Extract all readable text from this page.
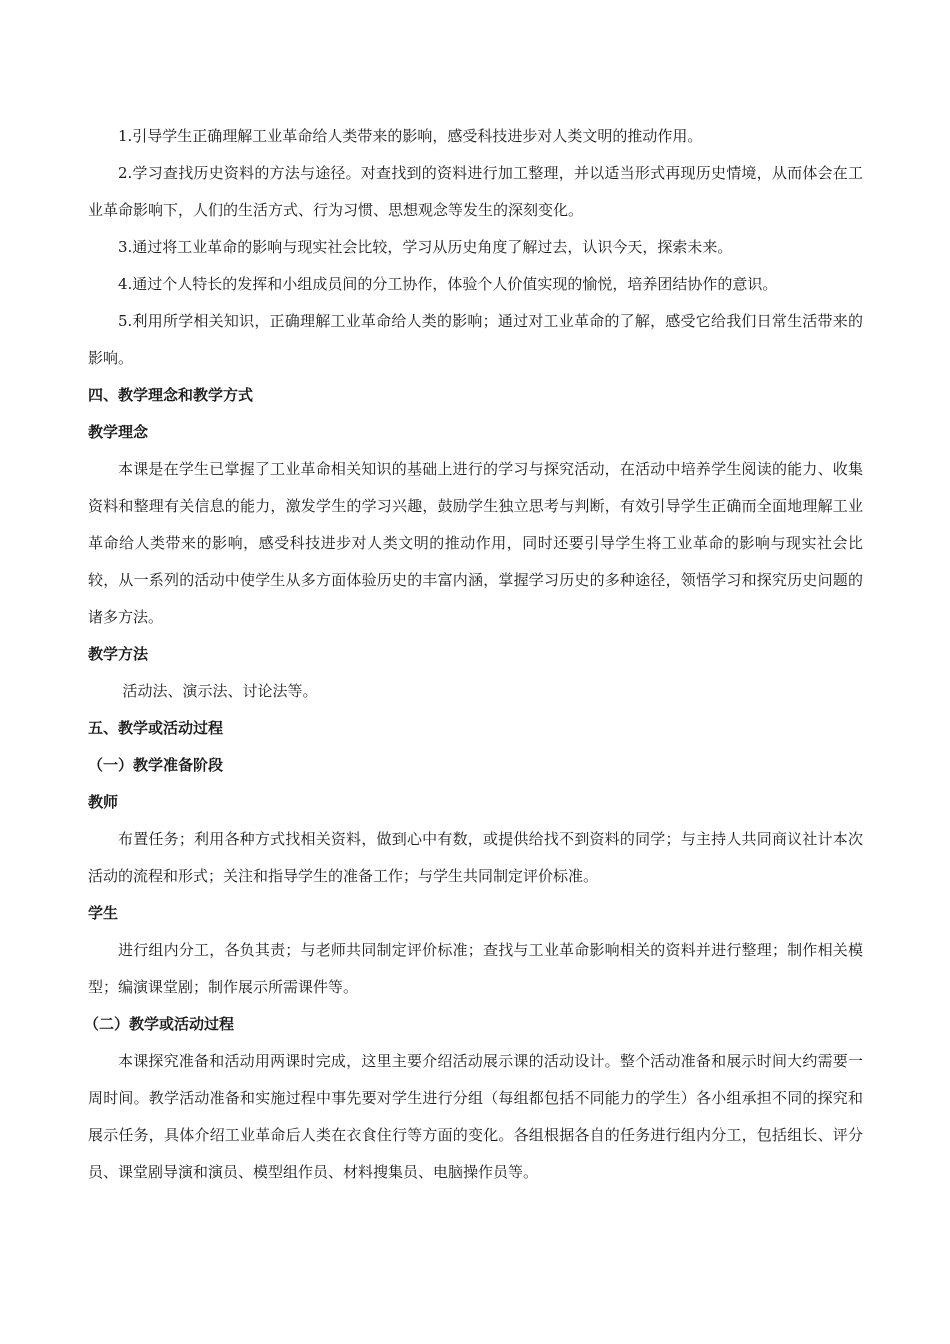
1.引导学生正确理解工业革命给人类带来的影响，感受科技进步对人类文明的推动作用。

2.学习查找历史资料的方法与途径。对查找到的资料进行加工整理，并以适当形式再现历史情境，从而体会在工业革命影响下，人们的生活方式、行为习惯、思想观念等发生的深刻变化。

3.通过将工业革命的影响与现实社会比较，学习从历史角度了解过去，认识今天，探索未来。

4.通过个人特长的发挥和小组成员间的分工协作，体验个人价值实现的愉悦，培养团结协作的意识。

5.利用所学相关知识，正确理解工业革命给人类的影响；通过对工业革命的了解，感受它给我们日常生活带来的影响。

四、教学理念和教学方式

教学理念

本课是在学生已掌握了工业革命相关知识的基础上进行的学习与探究活动，在活动中培养学生阅读的能力、收集资料和整理有关信息的能力，激发学生的学习兴趣，鼓励学生独立思考与判断，有效引导学生正确而全面地理解工业革命给人类带来的影响，感受科技进步对人类文明的推动作用，同时还要引导学生将工业革命的影响与现实社会比较，从一系列的活动中使学生从多方面体验历史的丰富内涵，掌握学习历史的多种途径，领悟学习和探究历史问题的诸多方法。

教学方法

活动法、演示法、讨论法等。

五、教学或活动过程

（一）教学准备阶段

教师

布置任务；利用各种方式找相关资料，做到心中有数，或提供给找不到资料的同学；与主持人共同商议社计本次活动的流程和形式；关注和指导学生的准备工作；与学生共同制定评价标准。

学生

进行组内分工，各负其责；与老师共同制定评价标准；查找与工业革命影响相关的资料并进行整理；制作相关模型；编演课堂剧；制作展示所需课件等。

（二）教学或活动过程

本课探究准备和活动用两课时完成，这里主要介绍活动展示课的活动设计。整个活动准备和展示时间大约需要一周时间。教学活动准备和实施过程中事先要对学生进行分组（每组都包括不同能力的学生）各小组承担不同的探究和展示任务，具体介绍工业革命后人类在衣食住行等方面的变化。各组根据各自的任务进行组内分工，包括组长、评分员、课堂剧导演和演员、模型组作员、材料搜集员、电脑操作员等。
